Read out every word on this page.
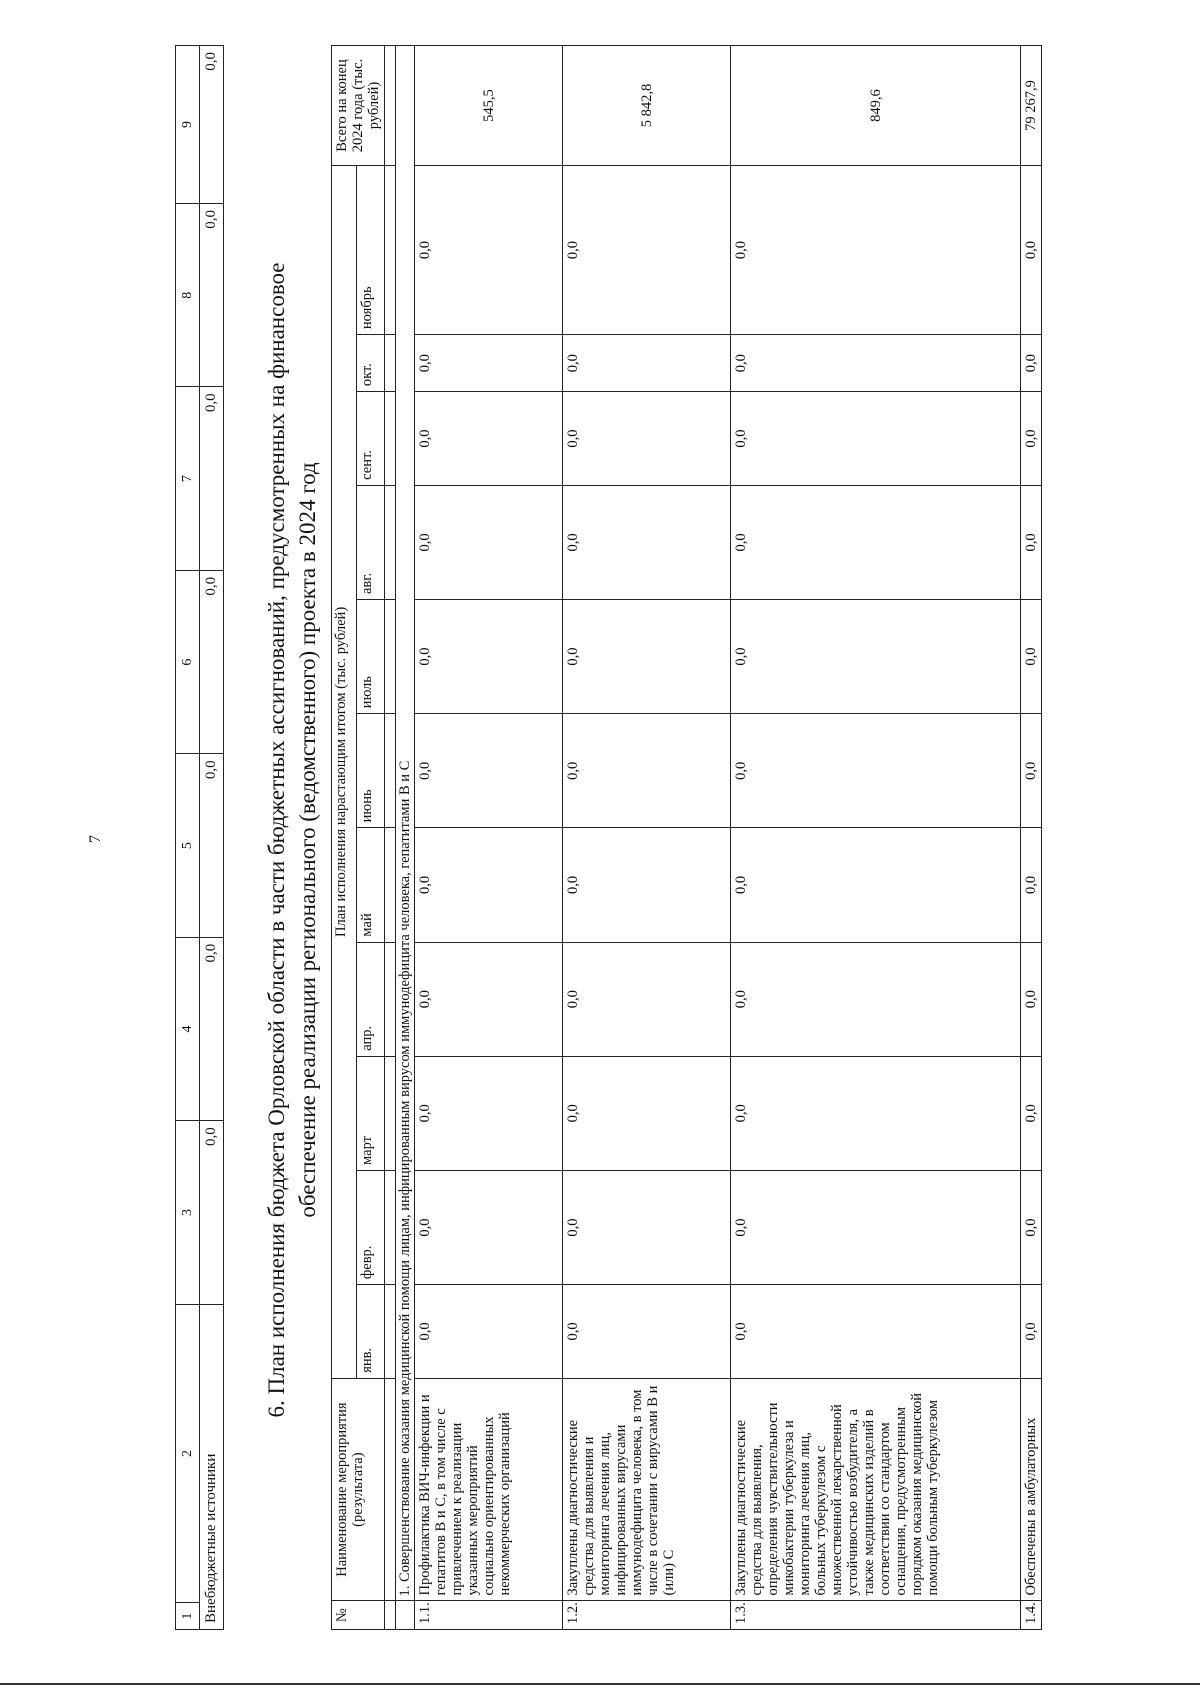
7
1	2	3	4	5	6	7	8	9
Внебюджетные источники		0,0	0,0	0,0	0,0	0,0	0,0	0,0
6. План исполнения бюджета Орловской области в части бюджетных ассигнований, предусмотренных на финансовое обеспечение реализации регионального (ведомственного) проекта в 2024 год
№	Наименование мероприятия (результата)	План исполнения нарастающим итогом (тыс. рублей)											Всего на конец 2024 года (тыс. рублей)
		янв.	февр.	март	апр.	май	июнь	июль	авг.	сент.	окт.	ноябрь	

	1. Совершенствование оказания медицинской помощи лицам, инфицированным вирусом иммунодефицита человека, гепатитами В и С												
1.1.	Профилактика ВИЧ-инфекции и гепатитов В и С, в том числе с привлечением к реализации указанных мероприятий социально ориентированных некоммерческих организаций	0,0	0,0	0,0	0,0	0,0	0,0	0,0	0,0	0,0	0,0	0,0	545,5
1.2.	Закуплены диагностические средства для выявления и мониторинга лечения лиц, инфицированных вирусами иммунодефицита человека, в том числе в сочетании с вирусами В и (или) С	0,0	0,0	0,0	0,0	0,0	0,0	0,0	0,0	0,0	0,0	0,0	5 842,8
1.3.	Закуплены диагностические средства для выявления, определения чувствительности микобактерии туберкулеза и мониторинга лечения лиц, больных туберкулезом с множественной лекарственной устойчивостью возбудителя, а также медицинских изделий в соответствии со стандартом оснащения, предусмотренным порядком оказания медицинской помощи больным туберкулезом	0,0	0,0	0,0	0,0	0,0	0,0	0,0	0,0	0,0	0,0	0,0	849,6
1.4.	Обеспечены в амбулаторных	0,0	0,0	0,0	0,0	0,0	0,0	0,0	0,0	0,0	0,0	0,0	79 267,9
